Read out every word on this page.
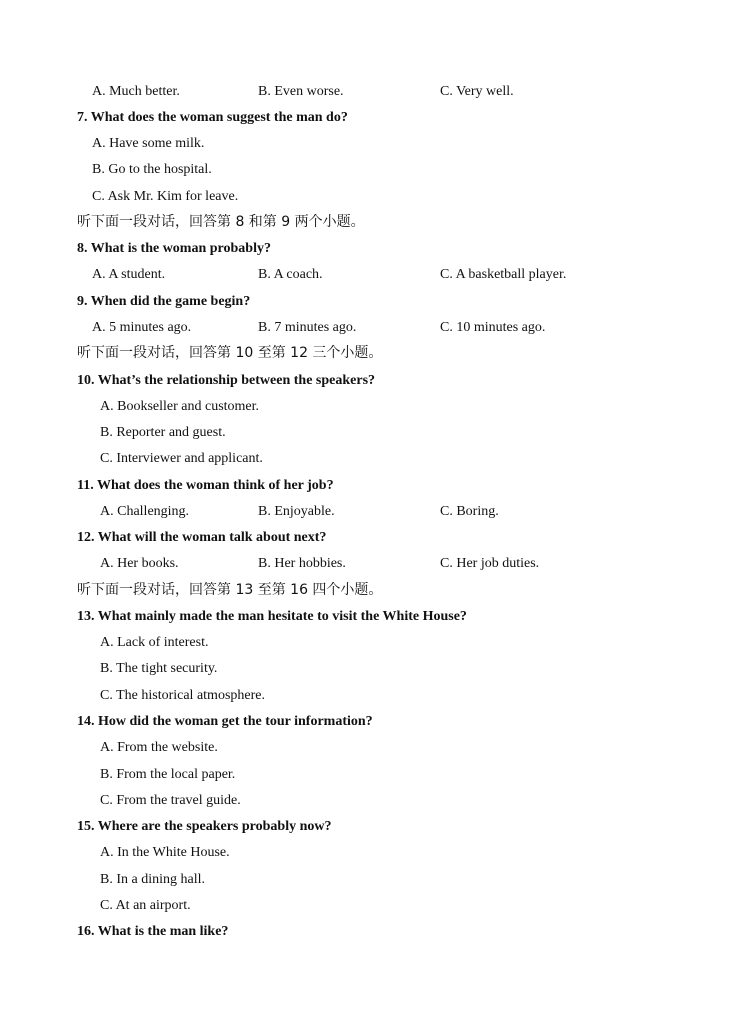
A. Much better.	B. Even worse.	C. Very well.
7. What does the woman suggest the man do?
A. Have some milk.
B. Go to the hospital.
C. Ask Mr. Kim for leave.
听下面一段对话，回答第 8 和第 9 两个小题。
8. What is the woman probably?
A. A student.	B. A coach.	C. A basketball player.
9. When did the game begin?
A. 5 minutes ago.	B. 7 minutes ago.	C. 10 minutes ago.
听下面一段对话，回答第 10 至第 12 三个小题。
10. What’s the relationship between the speakers?
A. Bookseller and customer.
B. Reporter and guest.
C. Interviewer and applicant.
11. What does the woman think of her job?
A. Challenging.	B. Enjoyable.	C. Boring.
12. What will the woman talk about next?
A. Her books.	B. Her hobbies.	C. Her job duties.
听下面一段对话，回答第 13 至第 16 四个小题。
13. What mainly made the man hesitate to visit the White House?
A. Lack of interest.
B. The tight security.
C. The historical atmosphere.
14. How did the woman get the tour information?
A. From the website.
B. From the local paper.
C. From the travel guide.
15. Where are the speakers probably now?
A. In the White House.
B. In a dining hall.
C. At an airport.
16. What is the man like?
